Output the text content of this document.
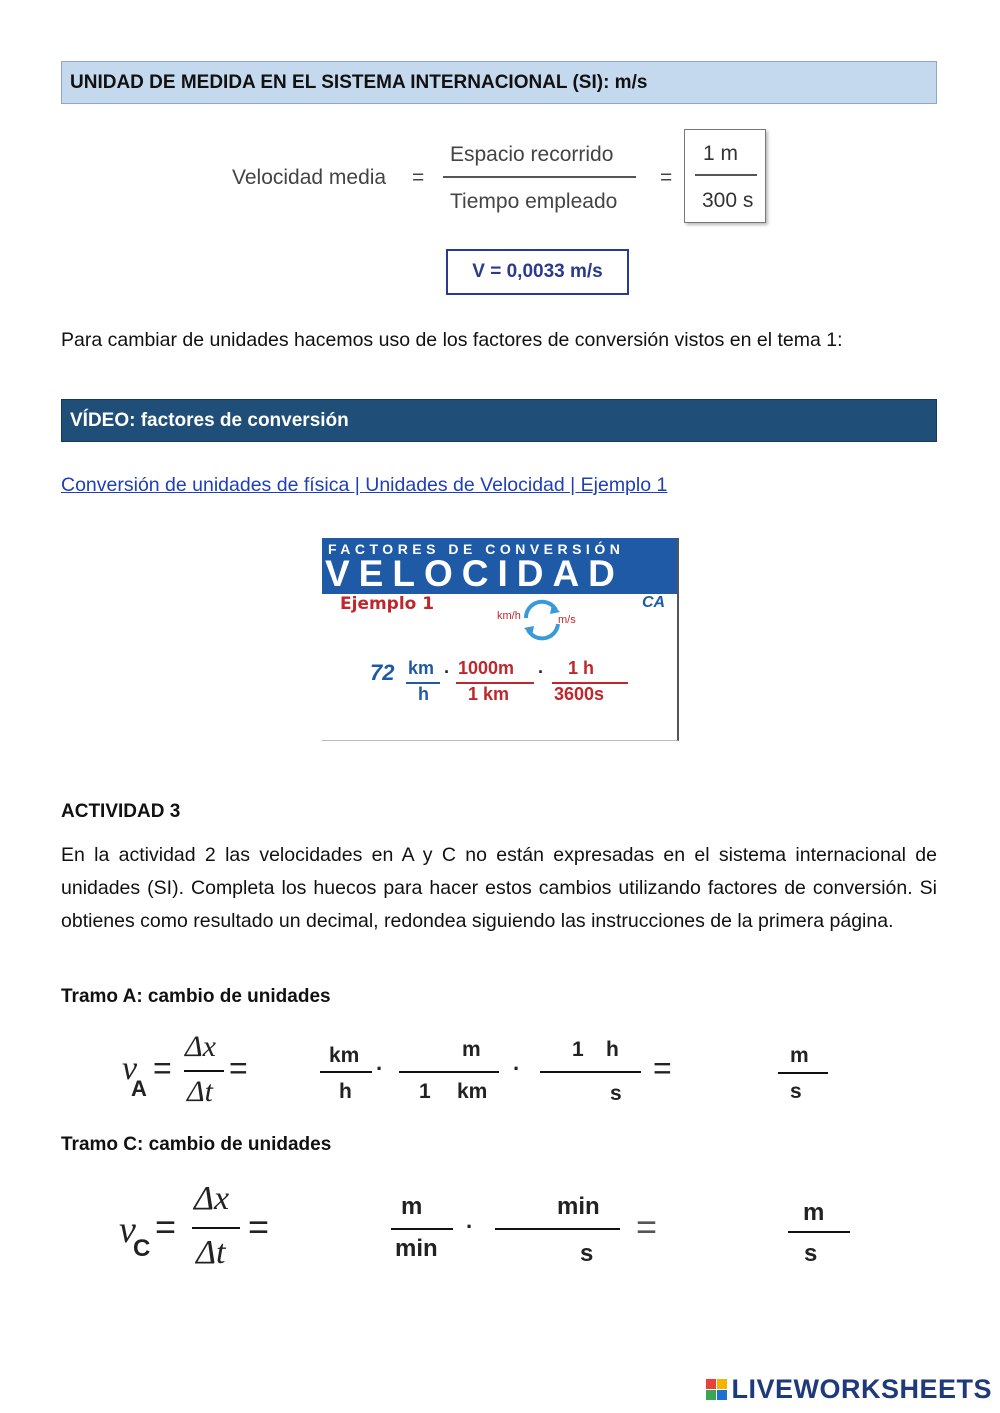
UNIDAD DE MEDIDA EN EL SISTEMA INTERNACIONAL (SI): m/s
Velocidad media =
Espacio recorrido
Tiempo empleado
=
1 m
300 s
V = 0,0033 m/s
Para cambiar de unidades hacemos uso de los factores de conversión vistos en el tema 1:
VÍDEO: factores de conversión
Conversión de unidades de física | Unidades de Velocidad | Ejemplo 1
FACTORES DE CONVERSIÓN
VELOCIDAD
Ejemplo 1
km/h	m/s
CA
72 km
h
· 1000m
1 km
· 1 h
3600s
ACTIVIDAD 3
En la actividad 2 las velocidades en A y C no están expresadas en el sistema internacional de unidades (SI). Completa los huecos para hacer estos cambios utilizando factores de conversión. Si obtienes como resultado un decimal, redondea siguiendo las instrucciones de la primera página.
Tramo A: cambio de unidades
v
A
=
Δx
Δt
=	km
h
·
m
1 km
·
1 h
s
=	m
s
Tramo C: cambio de unidades
v
C
=
Δx
Δt
=	m
min
·
min
s
=	m
s
LIVEWORKSHEETS
